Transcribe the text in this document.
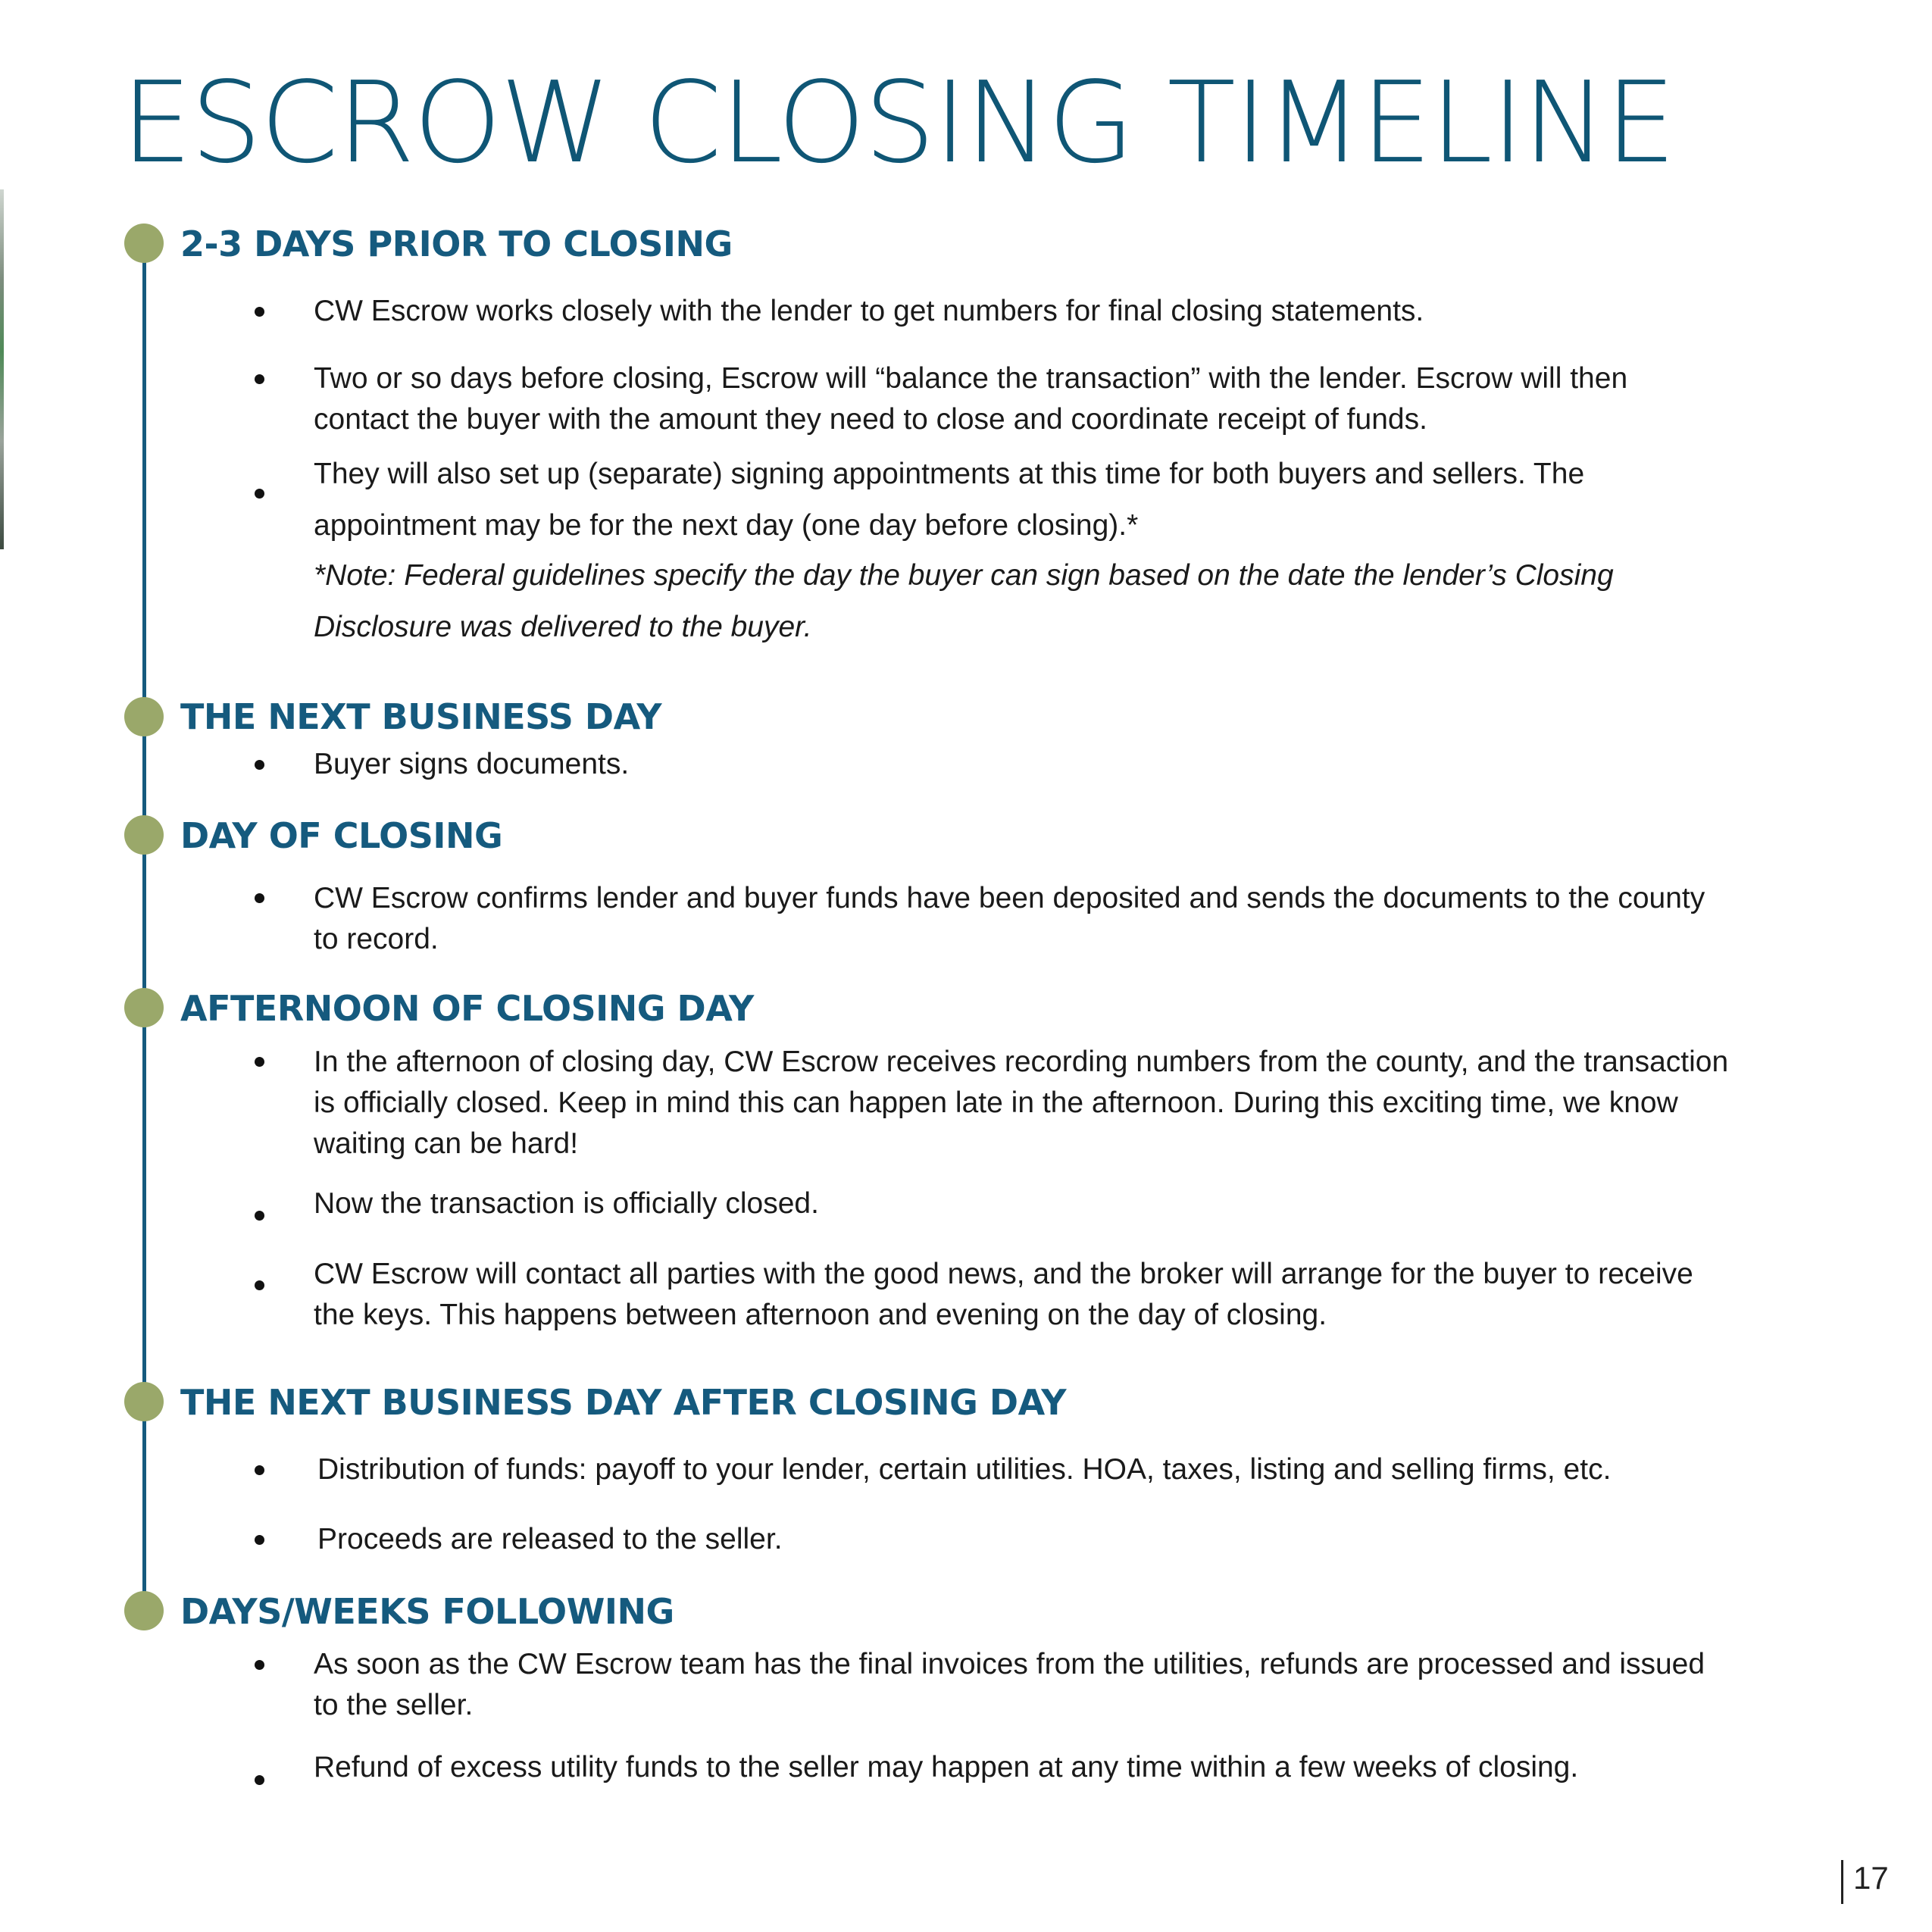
ESCROW CLOSING TIMELINE
2-3 DAYS PRIOR TO CLOSING
CW Escrow works closely with the lender to get numbers for final closing statements.
Two or so days before closing, Escrow will “balance the transaction” with the lender. Escrow will then contact the buyer with the amount they need to close and coordinate receipt of funds.
They will also set up (separate) signing appointments at this time for both buyers and sellers. The appointment may be for the next day (one day before closing).*
*Note: Federal guidelines specify the day the buyer can sign based on the date the lender’s Closing Disclosure was delivered to the buyer.
THE NEXT BUSINESS DAY
Buyer signs documents.
DAY OF CLOSING
CW Escrow confirms lender and buyer funds have been deposited and sends the documents to the county to record.
AFTERNOON OF CLOSING DAY
In the afternoon of closing day, CW Escrow receives recording numbers from the county, and the transaction is officially closed. Keep in mind this can happen late in the afternoon. During this exciting time, we know waiting can be hard!
Now the transaction is officially closed.
CW Escrow will contact all parties with the good news, and the broker will arrange for the buyer to receive the keys. This happens between afternoon and evening on the day of closing.
THE NEXT BUSINESS DAY AFTER CLOSING DAY
Distribution of funds: payoff to your lender, certain utilities. HOA, taxes, listing and selling firms, etc.
Proceeds are released to the seller.
DAYS/WEEKS FOLLOWING
As soon as the CW Escrow team has the final invoices from the utilities, refunds are processed and issued to the seller.
Refund of excess utility funds to the seller may happen at any time within a few weeks of closing.
17
